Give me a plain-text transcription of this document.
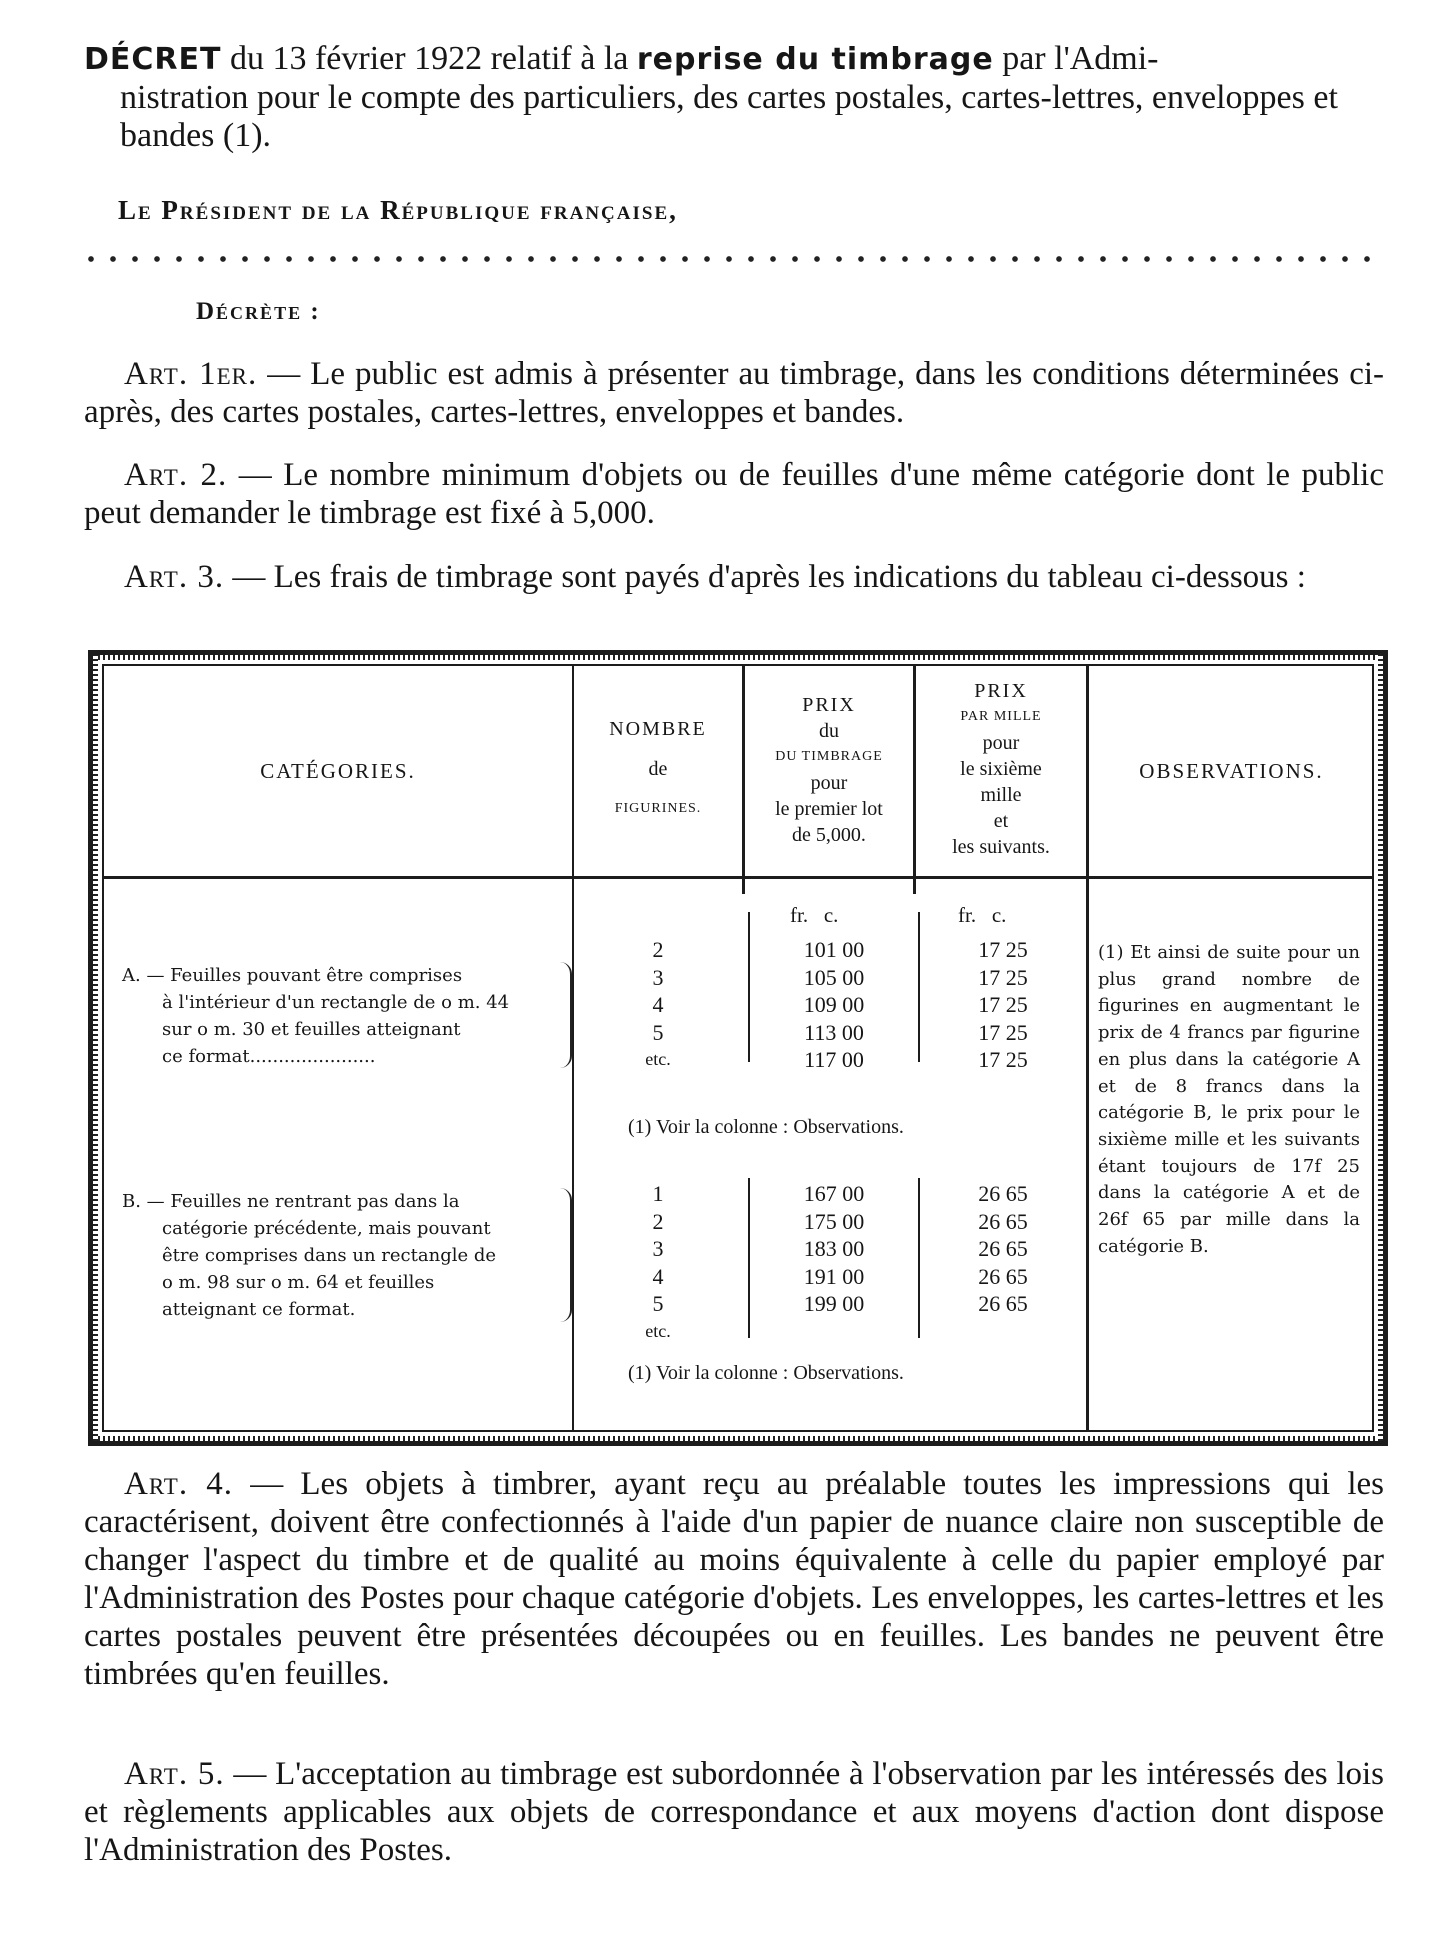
DÉCRET du 13 février 1922 relatif à la reprise du timbrage par l'Admi-
nistration pour le compte des particuliers, des cartes postales, cartes-lettres, enveloppes et bandes (1).
Le Président de la République française,
Décrète :
Art. 1er. — Le public est admis à présenter au timbrage, dans les conditions déterminées ci-après, des cartes postales, cartes-lettres, enveloppes et bandes.
Art. 2. — Le nombre minimum d'objets ou de feuilles d'une même catégorie dont le public peut demander le timbrage est fixé à 5,000.
Art. 3. — Les frais de timbrage sont payés d'après les indications du tableau ci-dessous :
CATÉGORIES.
NOMBRE
de
FIGURINES.
PRIX
du
DU TIMBRAGE
pour
le premier lot
de 5,000.
PRIX
PAR MILLE
pour
le sixième
mille
et
les suivants.
OBSERVATIONS.
fr. c.	fr. c.
A. — Feuilles pouvant être comprises
à l'intérieur d'un rectangle de o m. 44
sur o m. 30 et feuilles atteignant
ce format......................
2
3
4
5
etc.
101 00
105 00
109 00
113 00
117 00
17 25
17 25
17 25
17 25
17 25
(1) Voir la colonne : Observations.
B. — Feuilles ne rentrant pas dans la
catégorie précédente, mais pouvant
être comprises dans un rectangle de
o m. 98 sur o m. 64 et feuilles
atteignant ce format.
1
2
3
4
5
etc.
167 00
175 00
183 00
191 00
199 00
26 65
26 65
26 65
26 65
26 65
(1) Voir la colonne : Observations.
(1) Et ainsi de suite pour un plus grand nombre de figurines en augmentant le prix de 4 francs par figurine en plus dans la catégorie A et de 8 francs dans la catégorie B, le prix pour le sixième mille et les suivants étant toujours de 17f 25 dans la catégorie A et de 26f 65 par mille dans la catégorie B.
Art. 4. — Les objets à timbrer, ayant reçu au préalable toutes les impressions qui les caractérisent, doivent être confectionnés à l'aide d'un papier de nuance claire non susceptible de changer l'aspect du timbre et de qualité au moins équivalente à celle du papier employé par l'Administration des Postes pour chaque catégorie d'objets. Les enveloppes, les cartes-lettres et les cartes postales peuvent être présentées découpées ou en feuilles. Les bandes ne peuvent être timbrées qu'en feuilles.
Art. 5. — L'acceptation au timbrage est subordonnée à l'observation par les intéressés des lois et règlements applicables aux objets de correspondance et aux moyens d'action dont dispose l'Administration des Postes.
